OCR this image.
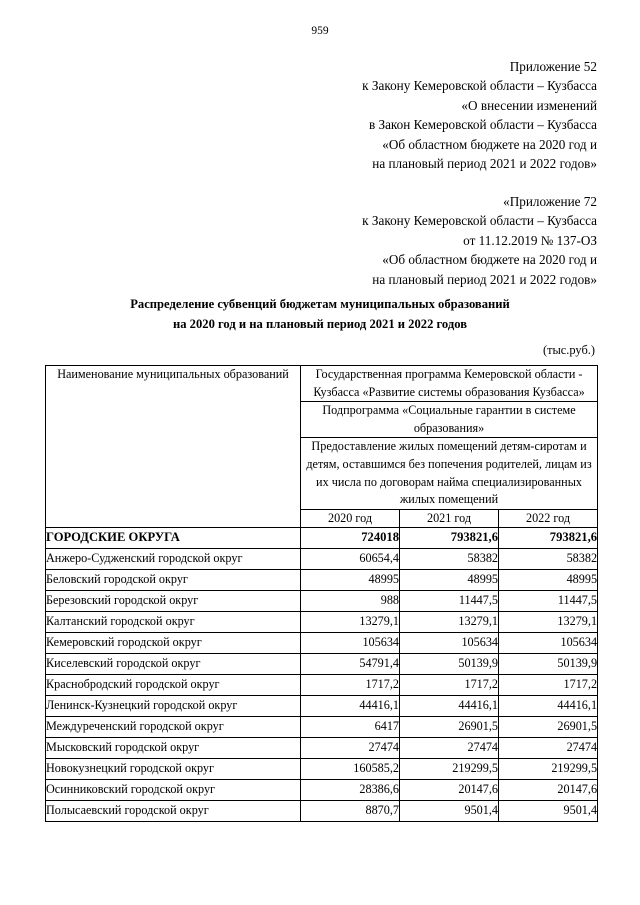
959
Приложение 52
к Закону Кемеровской области – Кузбасса
«О внесении изменений
в Закон Кемеровской области – Кузбасса
«Об областном бюджете на 2020 год и
на плановый период 2021 и 2022 годов»
«Приложение 72
к Закону Кемеровской области – Кузбасса
от 11.12.2019 № 137-ОЗ
«Об областном бюджете на 2020 год и
на плановый период 2021 и 2022 годов»
Распределение субвенций бюджетам муниципальных образований
на 2020 год и на плановый период 2021 и 2022 годов
(тыс.руб.)
Наименование муниципальных образований	Государственная программа Кемеровской области - Кузбасса «Развитие системы образования Кузбасса»		
	Подпрограмма «Социальные гарантии в системе образования»		
	Предоставление жилых помещений детям-сиротам и детям, оставшимся без попечения родителей, лицам из их числа по договорам найма специализированных жилых помещений		
	2020 год	2021 год	2022 год
ГОРОДСКИЕ ОКРУГА	724018	793821,6	793821,6
Анжеро-Судженский городской округ	60654,4	58382	58382
Беловский городской округ	48995	48995	48995
Березовский городской округ	988	11447,5	11447,5
Калтанский городской округ	13279,1	13279,1	13279,1
Кемеровский городской округ	105634	105634	105634
Киселевский городской округ	54791,4	50139,9	50139,9
Краснобродский городской округ	1717,2	1717,2	1717,2
Ленинск-Кузнецкий городской округ	44416,1	44416,1	44416,1
Междуреченский городской округ	6417	26901,5	26901,5
Мысковский городской округ	27474	27474	27474
Новокузнецкий городской округ	160585,2	219299,5	219299,5
Осинниковский городской округ	28386,6	20147,6	20147,6
Полысаевский городской округ	8870,7	9501,4	9501,4
